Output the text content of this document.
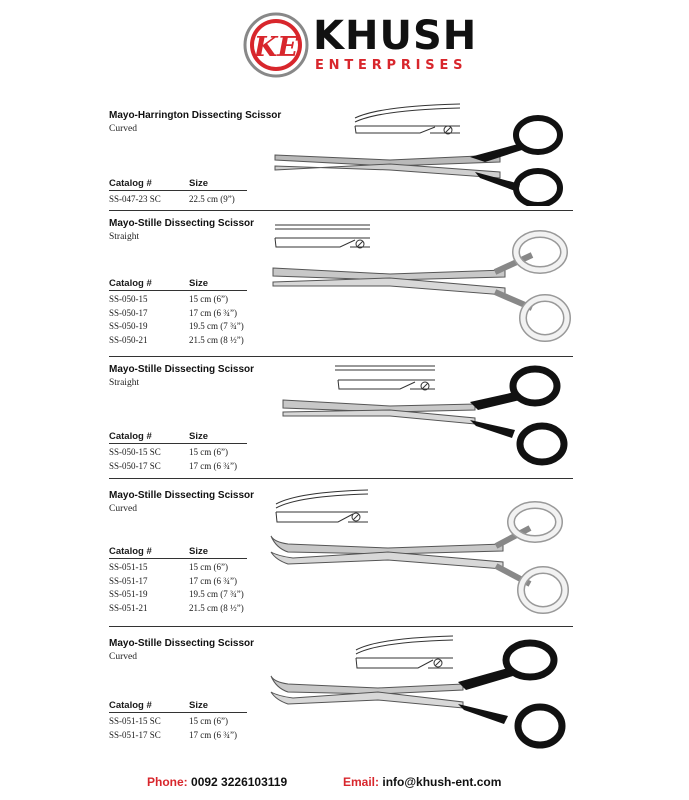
KE KHUSH
ENTERPRISES
Mayo-Harrington Dissecting Scissor
Curved
Catalog #	Size
SS-047-23 SC	22.5 cm (9”)
Mayo-Stille Dissecting Scissor
Straight
Catalog #	Size
SS-050-15	15 cm (6”)
SS-050-17	17 cm (6 ¾”)
SS-050-19	19.5 cm (7 ¾”)
SS-050-21	21.5 cm (8 ½”)
Mayo-Stille Dissecting Scissor
Straight
Catalog #	Size
SS-050-15 SC	15 cm (6”)
SS-050-17 SC	17 cm (6 ¾”)
Mayo-Stille Dissecting Scissor
Curved
Catalog #	Size
SS-051-15	15 cm (6”)
SS-051-17	17 cm (6 ¾”)
SS-051-19	19.5 cm (7 ¾”)
SS-051-21	21.5 cm (8 ½”)
Mayo-Stille Dissecting Scissor
Curved
Catalog #	Size
SS-051-15 SC	15 cm (6”)
SS-051-17 SC	17 cm (6 ¾”)
Phone: 0092 3226103119	Email: info@khush-ent.com
